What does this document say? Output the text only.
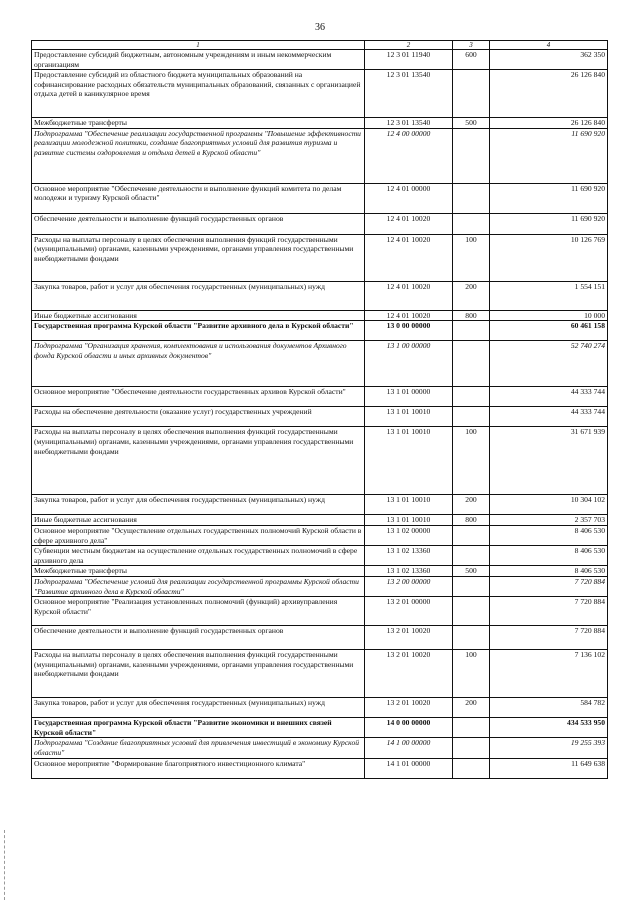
36
1	2	3	4
Предоставление субсидий бюджетным, автономным учреждениям и иным некоммерческим организациям	12 3 01 11940	600	362 350
Предоставление субсидий из областного бюджета муниципальных образований на софинансирование расходных обязательств муниципальных образований, связанных с организацией отдыха детей в каникулярное время	12 3 01 13540		26 126 840
Межбюджетные трансферты	12 3 01 13540	500	26 126 840
Подпрограмма "Обеспечение реализации государственной программы "Повышение эффективности реализации молодежной политики, создание благоприятных условий для развития туризма и развитие системы оздоровления и отдыха детей в Курской области"	12 4 00 00000		11 690 920
Основное мероприятие "Обеспечение деятельности и выполнение функций комитета по делам молодежи и туризму Курской области"	12 4 01 00000		11 690 920
Обеспечение деятельности и выполнение функций государственных органов	12 4 01 10020		11 690 920
Расходы на выплаты персоналу в целях обеспечения выполнения функций государственными (муниципальными) органами, казенными учреждениями, органами управления государственными внебюджетными фондами	12 4 01 10020	100	10 126 769
Закупка товаров, работ и услуг для обеспечения государственных (муниципальных) нужд	12 4 01 10020	200	1 554 151
Иные бюджетные ассигнования	12 4 01 10020	800	10 000
Государственная программа Курской области "Развитие архивного дела в Курской области"	13 0 00 00000		60 461 158
Подпрограмма "Организация хранения, комплектования и использования документов Архивного фонда Курской области и иных архивных документов"	13 1 00 00000		52 740 274
Основное мероприятие "Обеспечение деятельности государственных архивов Курской области"	13 1 01 00000		44 333 744
Расходы на обеспечение деятельности (оказание услуг) государственных учреждений	13 1 01 10010		44 333 744
Расходы на выплаты персоналу в целях обеспечения выполнения функций государственными (муниципальными) органами, казенными учреждениями, органами управления государственными внебюджетными фондами	13 1 01 10010	100	31 671 939
Закупка товаров, работ и услуг для обеспечения государственных (муниципальных) нужд	13 1 01 10010	200	10 304 102
Иные бюджетные ассигнования	13 1 01 10010	800	2 357 703
Основное мероприятие "Осуществление отдельных государственных полномочий Курской области в сфере архивного дела"	13 1 02 00000		8 406 530
Субвенции местным бюджетам на осуществление отдельных государственных полномочий в сфере архивного дела	13 1 02 13360		8 406 530
Межбюджетные трансферты	13 1 02 13360	500	8 406 530
Подпрограмма "Обеспечение условий для реализации государственной программы Курской области "Развитие архивного дела в Курской области"	13 2 00 00000		7 720 884
Основное мероприятие "Реализация установленных полномочий (функций) архивуправления Курской области"	13 2 01 00000		7 720 884
Обеспечение деятельности и выполнение функций государственных органов	13 2 01 10020		7 720 884
Расходы на выплаты персоналу в целях обеспечения выполнения функций государственными (муниципальными) органами, казенными учреждениями, органами управления государственными внебюджетными фондами	13 2 01 10020	100	7 136 102
Закупка товаров, работ и услуг для обеспечения государственных (муниципальных) нужд	13 2 01 10020	200	584 782
Государственная программа Курской области "Развитие экономики и внешних связей Курской области"	14 0 00 00000		434 533 950
Подпрограмма "Создание благоприятных условий для привлечения инвестиций в экономику Курской области"	14 1 00 00000		19 255 393
Основное мероприятие "Формирование благоприятного инвестиционного климата"	14 1 01 00000		11 649 638
